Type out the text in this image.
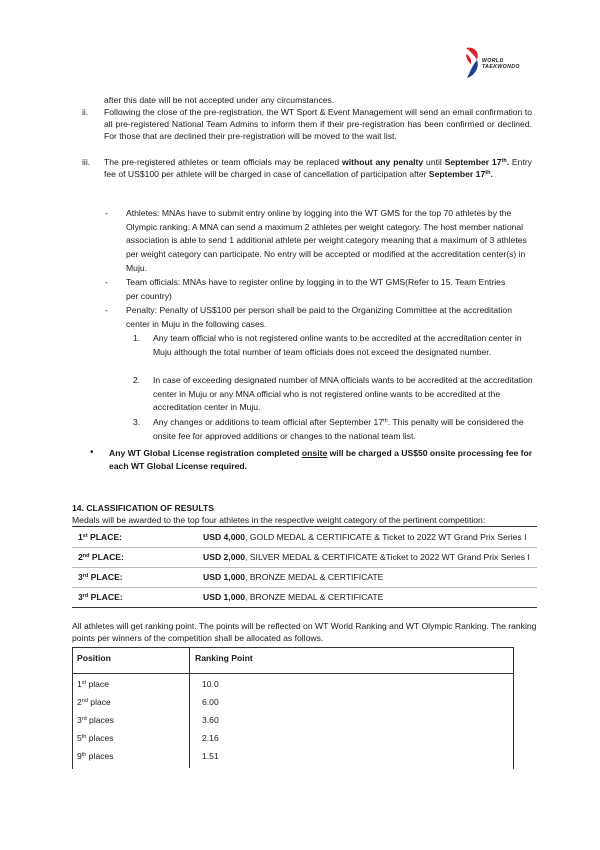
WORLD
TAEKWONDO
after this date will be not accepted under any circumstances.
ii. Following the close of the pre-registration, the WT Sport & Event Management will send an email confirmation to all pre-registered National Team Admins to inform them if their pre-registration has been confirmed or declined. For those that are declined their pre-registration will be moved to the wait list.
iii. The pre-registered athletes or team officials may be replaced without any penalty until September 17th. Entry fee of US$100 per athlete will be charged in case of cancellation of participation after September 17th.
- Athletes: MNAs have to submit entry online by logging into the WT GMS for the top 70 athletes by the Olympic ranking. A MNA can send a maximum 2 athletes per weight category. The host member national association is able to send 1 additional athlete per weight category meaning that a maximum of 3 athletes per weight category can participate. No entry will be accepted or modified at the accreditation center(s) in Muju.
- Team officials: MNAs have to register online by logging in to the WT GMS(Refer to 15. Team Entries per country)
- Penalty: Penalty of US$100 per person shall be paid to the Organizing Committee at the accreditation center in Muju in the following cases.
1. Any team official who is not registered online wants to be accredited at the accreditation center in Muju although the total number of team officials does not exceed the designated number.
2. In case of exceeding designated number of MNA officials wants to be accredited at the accreditation center in Muju or any MNA official who is not registered online wants to be accredited at the accreditation center in Muju.
3. Any changes or additions to team official after September 17th. This penalty will be considered the onsite fee for approved additions or changes to the national team list.
• Any WT Global License registration completed onsite will be charged a US$50 onsite processing fee for each WT Global License required.
14. CLASSIFICATION OF RESULTS
Medals will be awarded to the top four athletes in the respective weight category of the pertinent competition:
1st PLACE:	USD 4,000, GOLD MEDAL & CERTIFICATE & Ticket to 2022 WT Grand Prix Series I
2nd PLACE:	USD 2,000, SILVER MEDAL & CERTIFICATE &Ticket to 2022 WT Grand Prix Series I
3rd PLACE:	USD 1,000, BRONZE MEDAL & CERTIFICATE
3rd PLACE:	USD 1,000, BRONZE MEDAL & CERTIFICATE
All athletes will get ranking point. The points will be reflected on WT World Ranking and WT Olympic Ranking. The ranking points per winners of the competition shall be allocated as follows.
Position	Ranking Point
1st place	10.0
2nd place	6.00
3rd places	3.60
5th places	2.16
9th places	1.51
